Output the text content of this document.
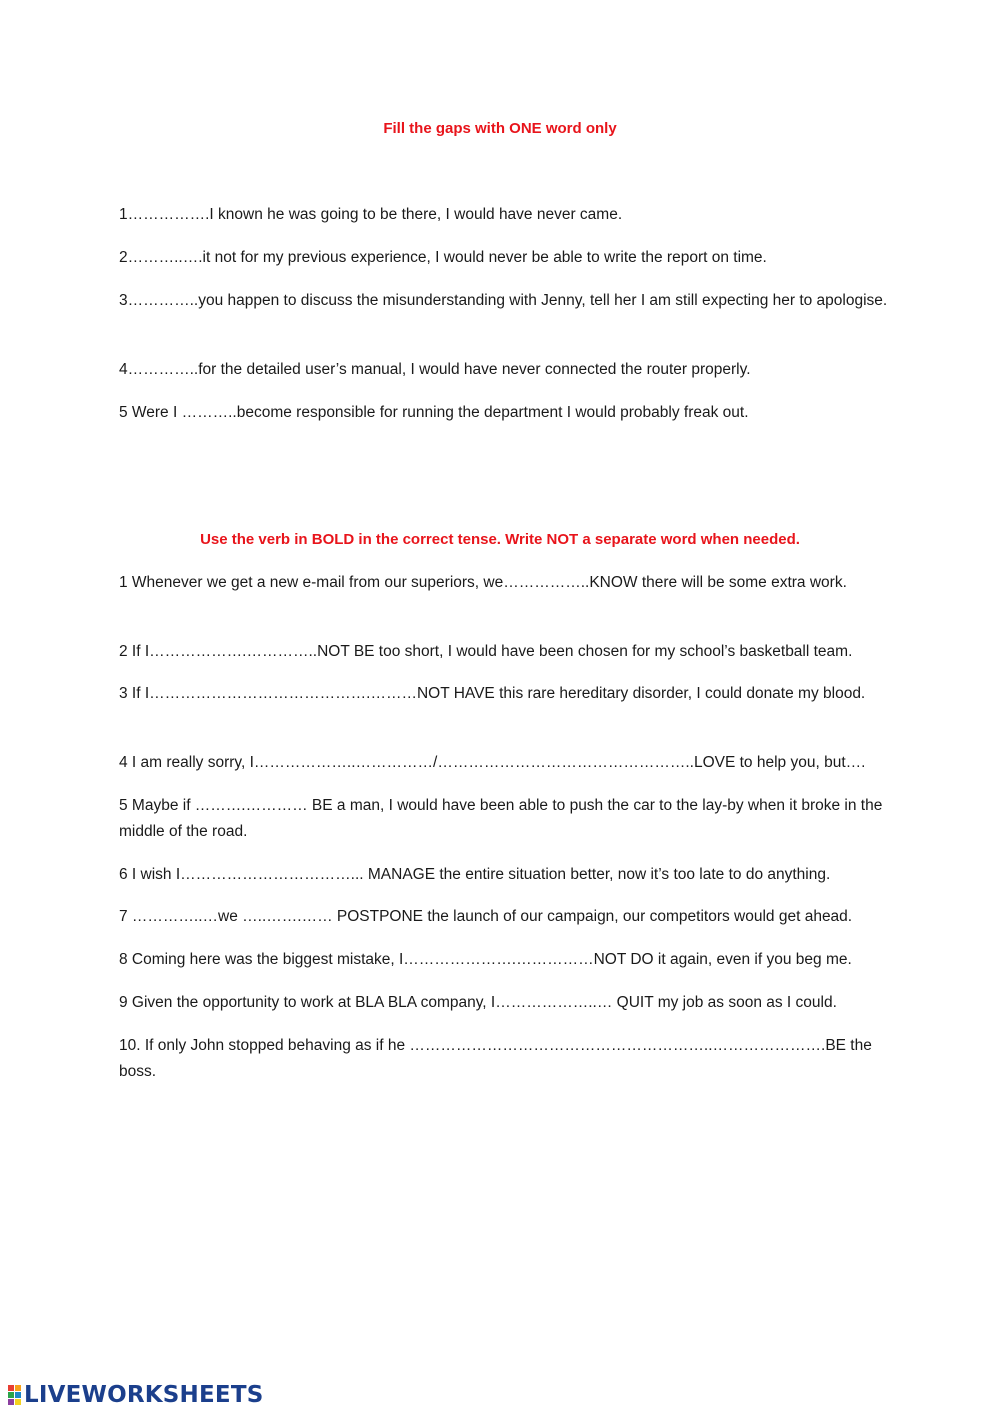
Fill the gaps with ONE word only
1…………….I known he was going to be there, I would have never came.
2………..….it not for my previous experience, I would never be able to write the report on time.
3…………..you happen to discuss the misunderstanding with Jenny, tell her I am still expecting her to apologise.
4…………..for the detailed user’s manual, I would have never connected the router properly.
5 Were I ………..become responsible for running the department I would probably freak out.
Use the verb in BOLD in the correct tense. Write NOT a separate word when needed.
1 Whenever we get a new e-mail from our superiors, we……………..KNOW there will be some extra work.
2 If I……………….…………..NOT BE too short, I would have been chosen for my school’s basketball team.
3 If I…………………………………….………NOT HAVE this rare hereditary disorder, I could donate my blood.
4 I am really sorry, I………………..……………/…………………………………………..LOVE to help you, but….
5 Maybe if ……….………… BE a man, I would have been able to push the car to the lay-by when it broke in the middle of the road.
6 I wish I……………………………... MANAGE the entire situation better, now it’s too late to do anything.
7 …………..…we …..…….…… POSTPONE the launch of our campaign, our competitors would get ahead.
8 Coming here was the biggest mistake, I………………….……………NOT DO it again, even if you beg me.
9 Given the opportunity to work at BLA BLA company, I………………..… QUIT my job as soon as I could.
10. If only John stopped behaving as if he …………………………………………………..………………….BE the boss.
LIVEWORKSHEETS
